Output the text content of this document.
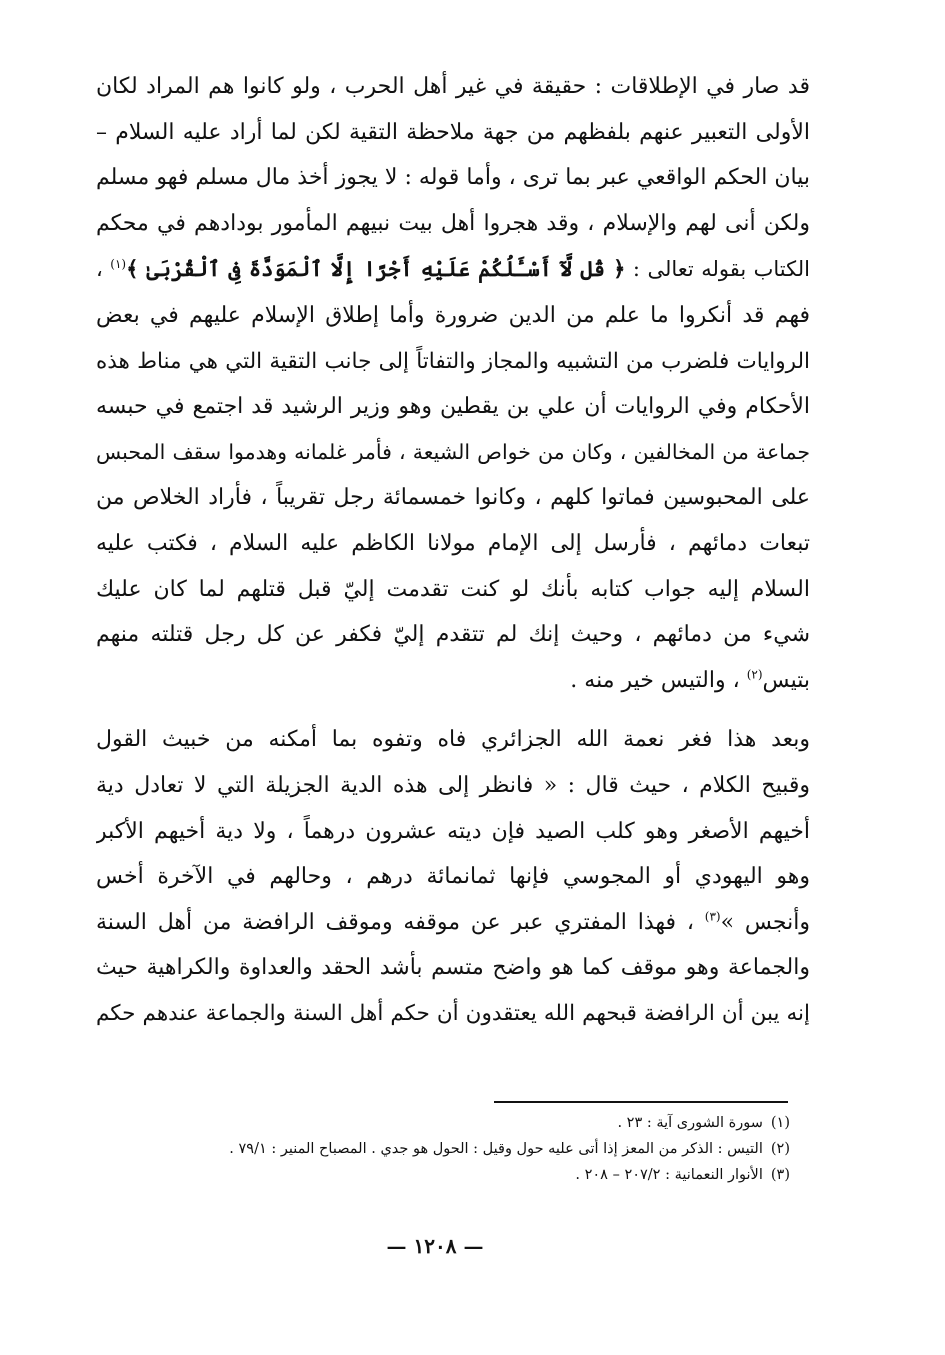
قد صار في الإطلاقات : حقيقة في غير أهل الحرب ، ولو كانوا هم المراد لكان
الأولى التعبير عنهم بلفظهم من جهة ملاحظة التقية لكن لما أراد عليه السلام –
بيان الحكم الواقعي عبر بما ترى ، وأما قوله : لا يجوز أخذ مال مسلم فهو مسلم
ولكن أنى لهم والإسلام ، وقد هجروا أهل بيت نبيهم المأمور بودادهم في محكم
الكتاب بقوله تعالى : ﴿ قُل لَّآ أَسْـَٔلُكُمْ عَلَيْهِ أَجْرًا إِلَّا ٱلْمَوَدَّةَ فِى ٱلْقُرْبَىٰ ﴾$^{(١)}$ ،
فهم قد أنكروا ما علم من الدين ضرورة وأما إطلاق الإسلام عليهم في بعض
الروايات فلضرب من التشبيه والمجاز والتفاتاً إلى جانب التقية التي هي مناط هذه
الأحكام وفي الروايات أن علي بن يقطين وهو وزير الرشيد قد اجتمع في حبسه
جماعة من المخالفين ، وكان من خواص الشيعة ، فأمر غلمانه وهدموا سقف المحبس
على المحبوسين فماتوا كلهم ، وكانوا خمسمائة رجل تقريباً ، فأراد الخلاص من
تبعات دمائهم ، فأرسل إلى الإمام مولانا الكاظم عليه السلام ، فكتب عليه
السلام إليه جواب كتابه بأنك لو كنت تقدمت إليّ قبل قتلهم لما كان عليك
شيء من دمائهم ، وحيث إنك لم تتقدم إليّ فكفر عن كل رجل قتلته منهم
بتيس$^{(٢)}$ ، والتيس خير منه .
وبعد هذا فغر نعمة الله الجزائري فاه وتفوه بما أمكنه من خبيث القول
وقبيح الكلام ، حيث قال : « فانظر إلى هذه الدية الجزيلة التي لا تعادل دية
أخيهم الأصغر وهو كلب الصيد فإن ديته عشرون درهماً ، ولا دية أخيهم الأكبر
وهو اليهودي أو المجوسي فإنها ثمانمائة درهم ، وحالهم في الآخرة أخس
وأنجس »$^{(٣)}$ ، فهذا المفتري عبر عن موقفه وموقف الرافضة من أهل السنة
والجماعة وهو موقف كما هو واضح متسم بأشد الحقد والعداوة والكراهية حيث
إنه يبن أن الرافضة قبحهم الله يعتقدون أن حكم أهل السنة والجماعة عندهم حكم
(١)سورة الشورى آية : ٢٣ .
(٢)التيس : الذكر من المعز إذا أتى عليه حول وقيل : الحول هو جدي . المصباح المنير : ٧٩/١ .
(٣)الأنوار النعمانية : ٢٠٧/٢ – ٢٠٨ .
— ١٢٠٨ —
